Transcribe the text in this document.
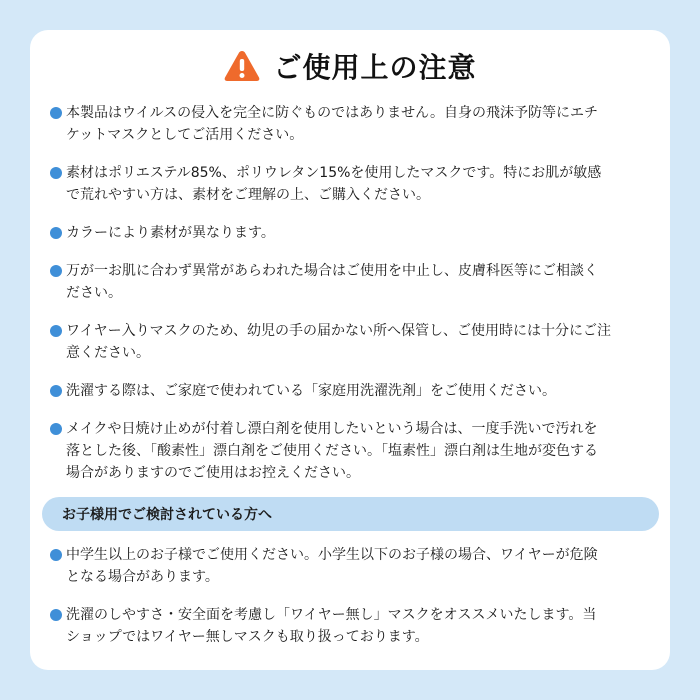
ご使用上の注意
本製品はウイルスの侵入を完全に防ぐものではありません。自身の飛沫予防等にエチ
ケットマスクとしてご活用ください。
素材はポリエステル85%、ポリウレタン15%を使用したマスクです。特にお肌が敏感
で荒れやすい方は、素材をご理解の上、ご購入ください。
カラーにより素材が異なります。
万が一お肌に合わず異常があらわれた場合はご使用を中止し、皮膚科医等にご相談く
ださい。
ワイヤー入りマスクのため、幼児の手の届かない所へ保管し、ご使用時には十分にご注
意ください。
洗濯する際は、ご家庭で使われている「家庭用洗濯洗剤」をご使用ください。
メイクや日焼け止めが付着し漂白剤を使用したいという場合は、一度手洗いで汚れを
落とした後、「酸素性」漂白剤をご使用ください。「塩素性」漂白剤は生地が変色する
場合がありますのでご使用はお控えください。
お子様用でご検討されている方へ
中学生以上のお子様でご使用ください。小学生以下のお子様の場合、ワイヤーが危険
となる場合があります。
洗濯のしやすさ・安全面を考慮し「ワイヤー無し」マスクをオススメいたします。当
ショップではワイヤー無しマスクも取り扱っております。
